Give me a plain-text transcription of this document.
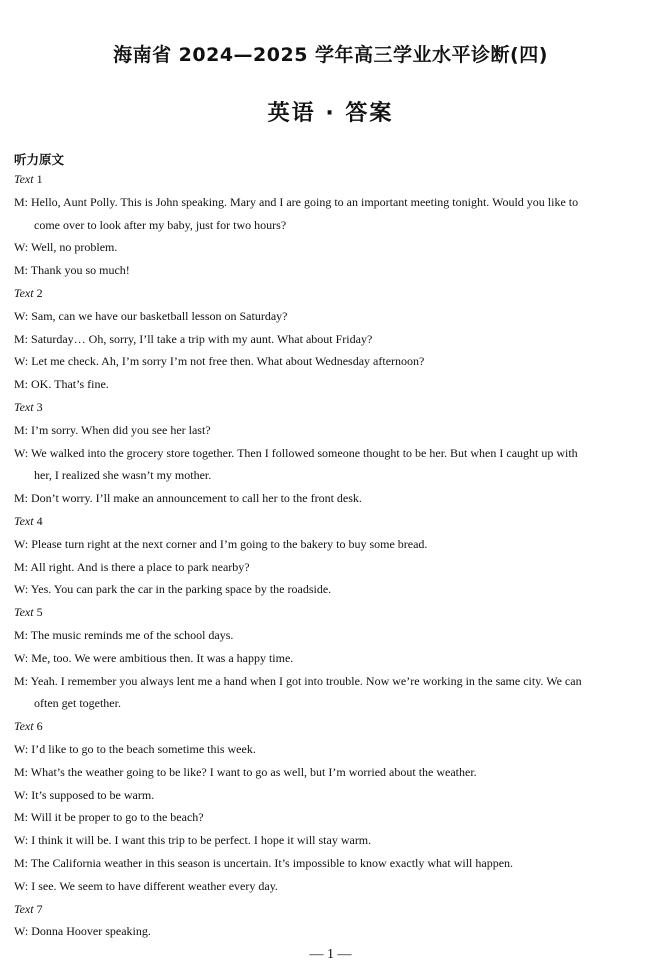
海南省 2024—2025 学年高三学业水平诊断(四)
英语 · 答案
听力原文
Text 1
M: Hello, Aunt Polly. This is John speaking. Mary and I are going to an important meeting tonight. Would you like to
come over to look after my baby, just for two hours?
W: Well, no problem.
M: Thank you so much!
Text 2
W: Sam, can we have our basketball lesson on Saturday?
M: Saturday… Oh, sorry, I’ll take a trip with my aunt. What about Friday?
W: Let me check. Ah, I’m sorry I’m not free then. What about Wednesday afternoon?
M: OK. That’s fine.
Text 3
M: I’m sorry. When did you see her last?
W: We walked into the grocery store together. Then I followed someone thought to be her. But when I caught up with
her, I realized she wasn’t my mother.
M: Don’t worry. I’ll make an announcement to call her to the front desk.
Text 4
W: Please turn right at the next corner and I’m going to the bakery to buy some bread.
M: All right. And is there a place to park nearby?
W: Yes. You can park the car in the parking space by the roadside.
Text 5
M: The music reminds me of the school days.
W: Me, too. We were ambitious then. It was a happy time.
M: Yeah. I remember you always lent me a hand when I got into trouble. Now we’re working in the same city. We can
often get together.
Text 6
W: I’d like to go to the beach sometime this week.
M: What’s the weather going to be like? I want to go as well, but I’m worried about the weather.
W: It’s supposed to be warm.
M: Will it be proper to go to the beach?
W: I think it will be. I want this trip to be perfect. I hope it will stay warm.
M: The California weather in this season is uncertain. It’s impossible to know exactly what will happen.
W: I see. We seem to have different weather every day.
Text 7
W: Donna Hoover speaking.
— 1 —
